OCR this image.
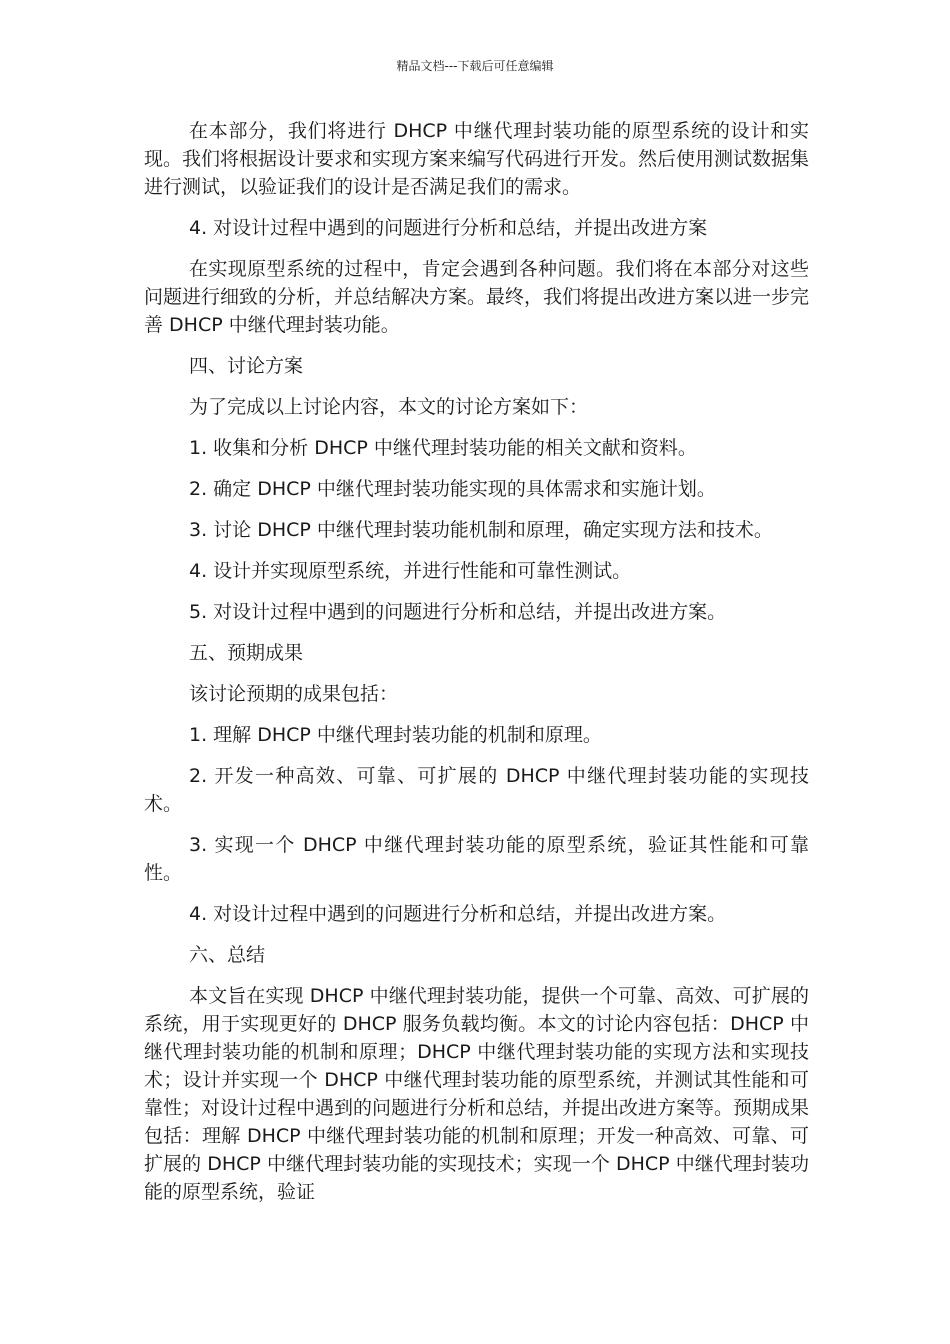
精品文档---下载后可任意编辑

在本部分，我们将进行 DHCP 中继代理封装功能的原型系统的设计和实现。我们将根据设计要求和实现方案来编写代码进行开发。然后使用测试数据集进行测试，以验证我们的设计是否满足我们的需求。

4. 对设计过程中遇到的问题进行分析和总结，并提出改进方案

在实现原型系统的过程中，肯定会遇到各种问题。我们将在本部分对这些问题进行细致的分析，并总结解决方案。最终，我们将提出改进方案以进一步完善 DHCP 中继代理封装功能。

四、讨论方案

为了完成以上讨论内容，本文的讨论方案如下：

1. 收集和分析 DHCP 中继代理封装功能的相关文献和资料。

2. 确定 DHCP 中继代理封装功能实现的具体需求和实施计划。

3. 讨论 DHCP 中继代理封装功能机制和原理，确定实现方法和技术。

4. 设计并实现原型系统，并进行性能和可靠性测试。

5. 对设计过程中遇到的问题进行分析和总结，并提出改进方案。

五、预期成果

该讨论预期的成果包括：

1. 理解 DHCP 中继代理封装功能的机制和原理。

2. 开发一种高效、可靠、可扩展的 DHCP 中继代理封装功能的实现技术。

3. 实现一个 DHCP 中继代理封装功能的原型系统，验证其性能和可靠性。

4. 对设计过程中遇到的问题进行分析和总结，并提出改进方案。

六、总结

本文旨在实现 DHCP 中继代理封装功能，提供一个可靠、高效、可扩展的系统，用于实现更好的 DHCP 服务负载均衡。本文的讨论内容包括：DHCP 中继代理封装功能的机制和原理；DHCP 中继代理封装功能的实现方法和实现技术；设计并实现一个 DHCP 中继代理封装功能的原型系统，并测试其性能和可靠性；对设计过程中遇到的问题进行分析和总结，并提出改进方案等。预期成果包括：理解 DHCP 中继代理封装功能的机制和原理；开发一种高效、可靠、可扩展的 DHCP 中继代理封装功能的实现技术；实现一个 DHCP 中继代理封装功能的原型系统，验证
